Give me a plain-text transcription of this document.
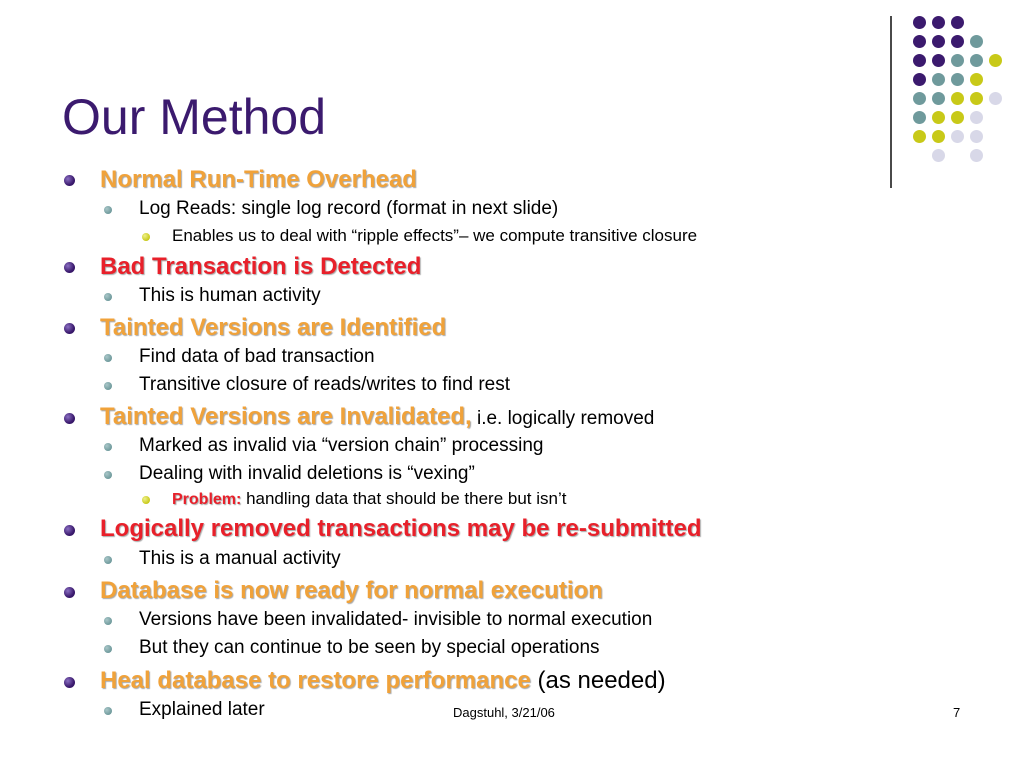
Our Method
Normal Run-Time Overhead
Log Reads: single log record (format in next slide)
Enables us to deal with “ripple effects”– we compute transitive closure
Bad Transaction is Detected
This is human activity
Tainted Versions are Identified
Find data of bad transaction
Transitive closure of reads/writes to find rest
Tainted Versions are Invalidated, i.e. logically removed
Marked as invalid via “version chain” processing
Dealing with invalid deletions is “vexing”
Problem: handling data that should be there but isn’t
Logically removed transactions may be re-submitted
This is a manual activity
Database is now ready for normal execution
Versions have been invalidated- invisible to normal execution
But they can continue to be seen by special operations
Heal database to restore performance (as needed)
Explained later	Dagstuhl, 3/21/06	7
